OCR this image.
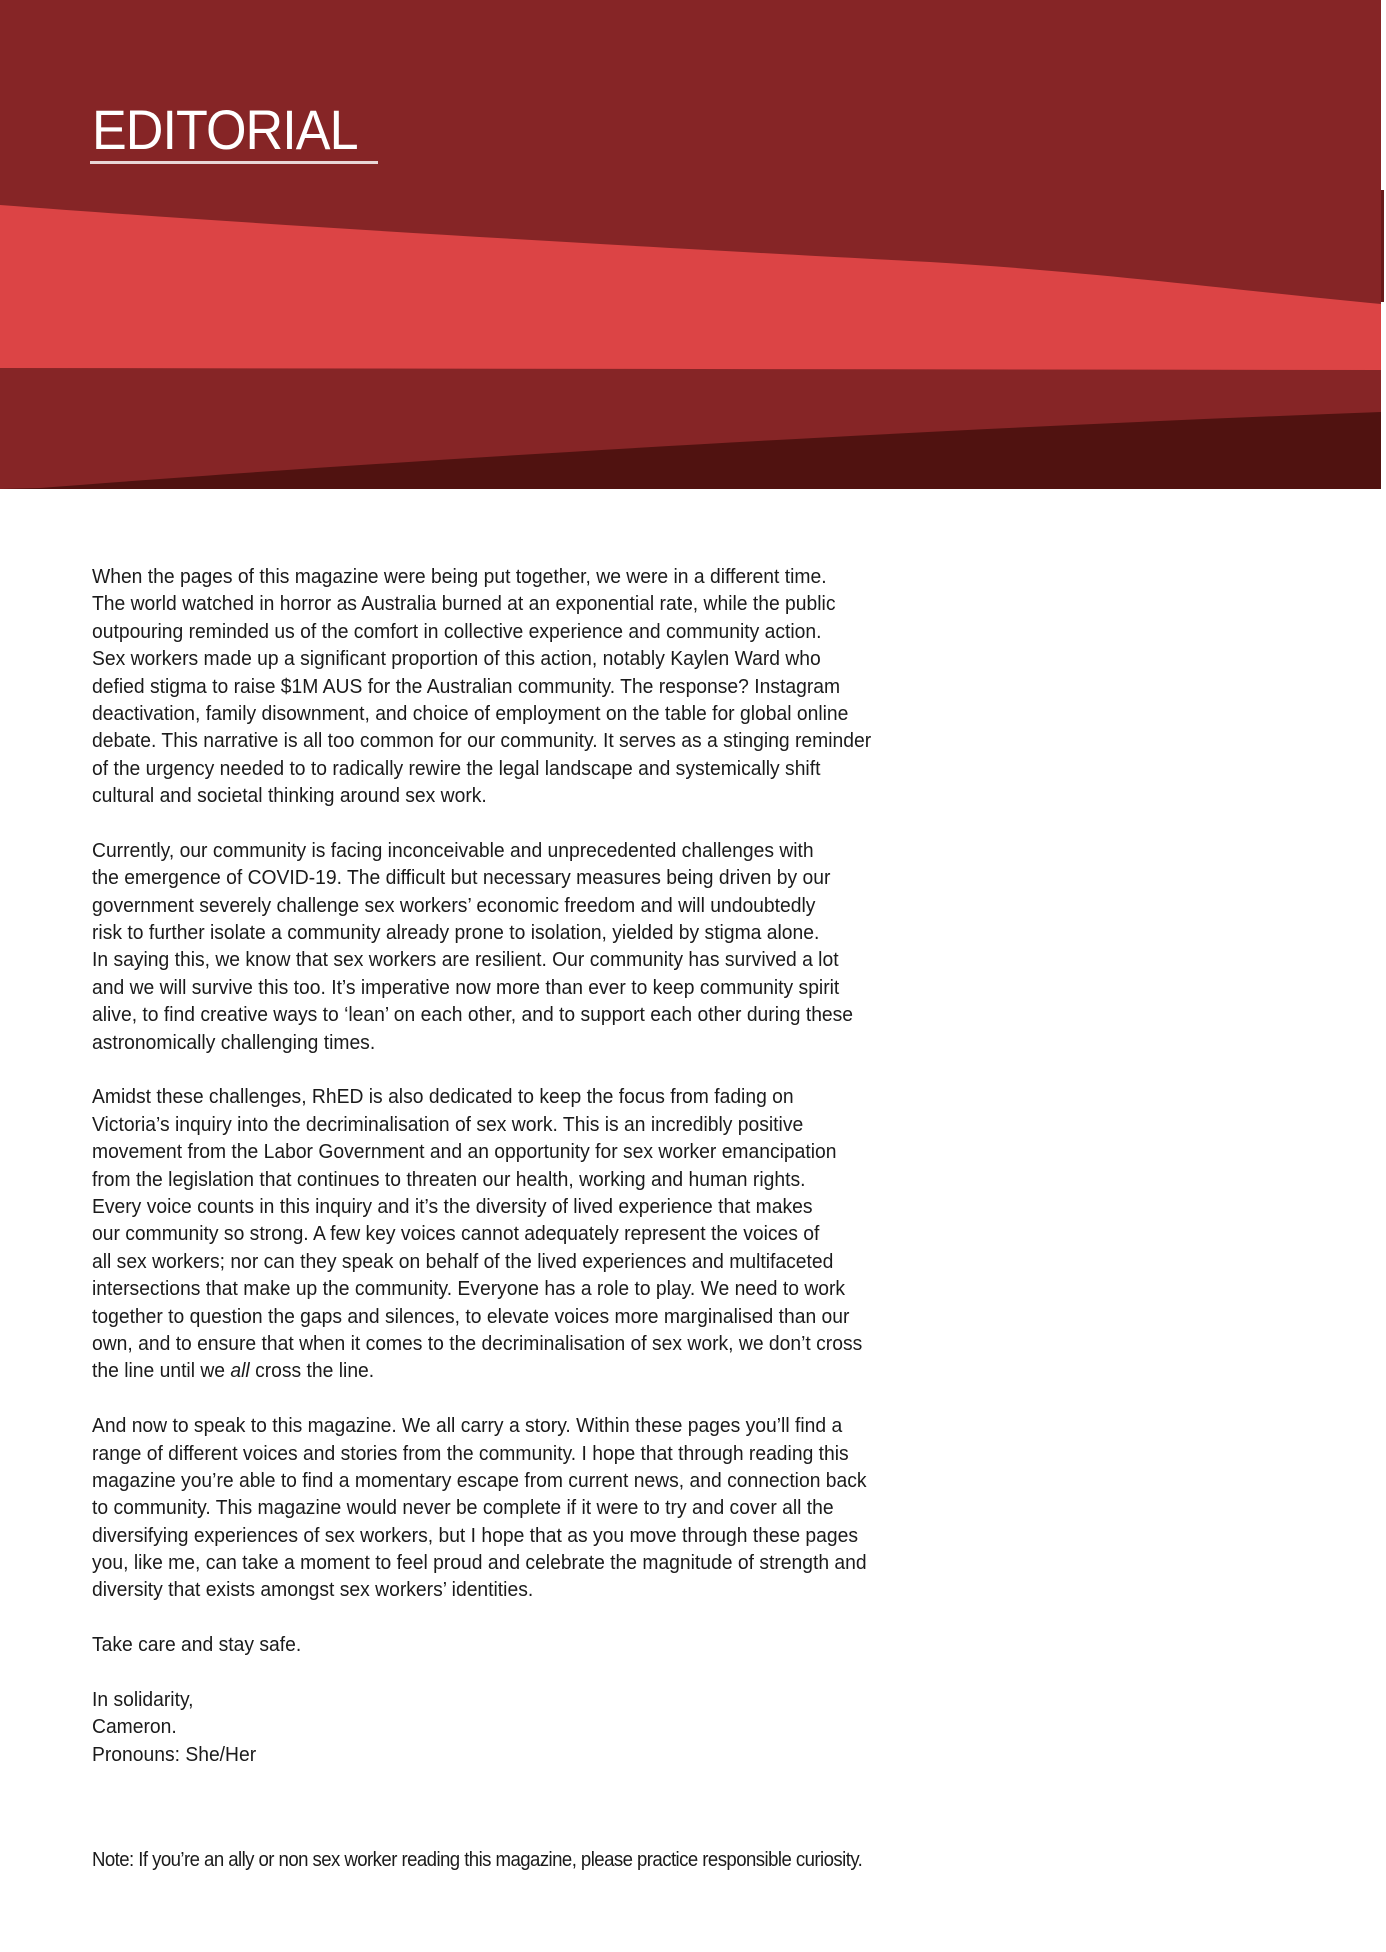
EDITORIAL
When the pages of this magazine were being put together, we were in a different time.
The world watched in horror as Australia burned at an exponential rate, while the public
outpouring reminded us of the comfort in collective experience and community action.
Sex workers made up a significant proportion of this action, notably Kaylen Ward who
defied stigma to raise $1M AUS for the Australian community. The response? Instagram
deactivation, family disownment, and choice of employment on the table for global online
debate. This narrative is all too common for our community. It serves as a stinging reminder
of the urgency needed to to radically rewire the legal landscape and systemically shift
cultural and societal thinking around sex work.
Currently, our community is facing inconceivable and unprecedented challenges with
the emergence of COVID-19. The difficult but necessary measures being driven by our
government severely challenge sex workers’ economic freedom and will undoubtedly
risk to further isolate a community already prone to isolation, yielded by stigma alone.
In saying this, we know that sex workers are resilient. Our community has survived a lot
and we will survive this too. It’s imperative now more than ever to keep community spirit
alive, to find creative ways to ‘lean’ on each other, and to support each other during these
astronomically challenging times.
Amidst these challenges, RhED is also dedicated to keep the focus from fading on
Victoria’s inquiry into the decriminalisation of sex work. This is an incredibly positive
movement from the Labor Government and an opportunity for sex worker emancipation
from the legislation that continues to threaten our health, working and human rights.
Every voice counts in this inquiry and it’s the diversity of lived experience that makes
our community so strong. A few key voices cannot adequately represent the voices of
all sex workers; nor can they speak on behalf of the lived experiences and multifaceted
intersections that make up the community. Everyone has a role to play. We need to work
together to question the gaps and silences, to elevate voices more marginalised than our
own, and to ensure that when it comes to the decriminalisation of sex work, we don’t cross
the line until we all cross the line.
And now to speak to this magazine. We all carry a story. Within these pages you’ll find a
range of different voices and stories from the community. I hope that through reading this
magazine you’re able to find a momentary escape from current news, and connection back
to community. This magazine would never be complete if it were to try and cover all the
diversifying experiences of sex workers, but I hope that as you move through these pages
you, like me, can take a moment to feel proud and celebrate the magnitude of strength and
diversity that exists amongst sex workers’ identities.
Take care and stay safe.
In solidarity,
Cameron.
Pronouns: She/Her
Note: If you’re an ally or non sex worker reading this magazine, please practice responsible curiosity.
